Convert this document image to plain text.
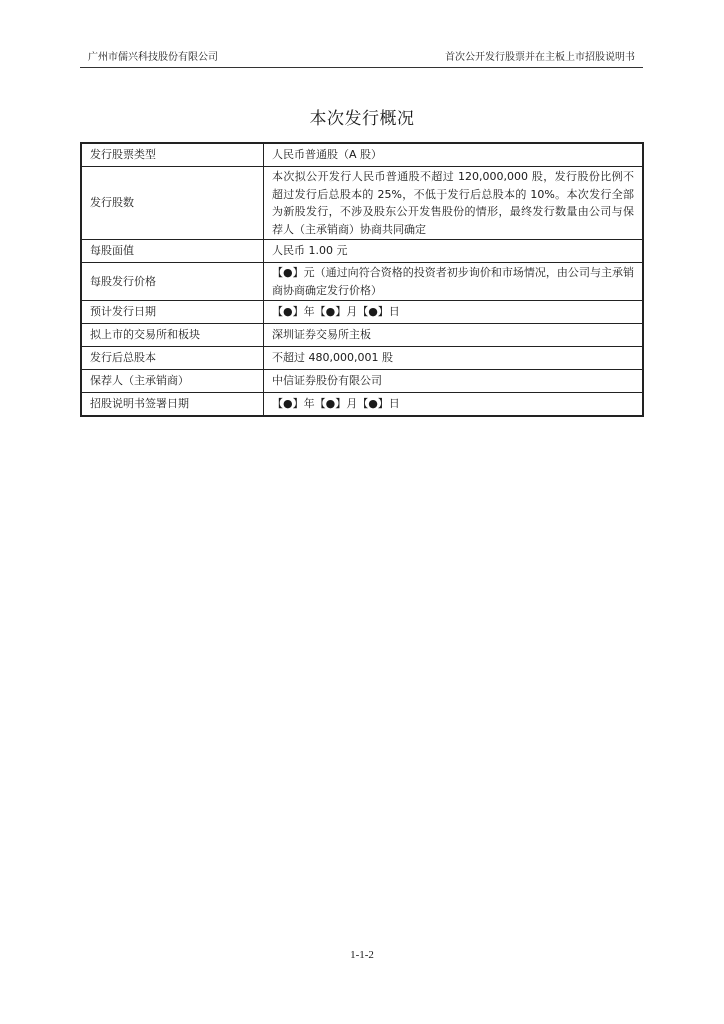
广州市儒兴科技股份有限公司	首次公开发行股票并在主板上市招股说明书
本次发行概况
发行股票类型	人民币普通股（A 股）
发行股数	本次拟公开发行人民币普通股不超过 120,000,000 股，发行股份比例不超过发行后总股本的 25%，不低于发行后总股本的 10%。本次发行全部为新股发行，不涉及股东公开发售股份的情形，最终发行数量由公司与保荐人（主承销商）协商共同确定
每股面值	人民币 1.00 元
每股发行价格	【●】元（通过向符合资格的投资者初步询价和市场情况，由公司与主承销商协商确定发行价格）
预计发行日期	【●】年【●】月【●】日
拟上市的交易所和板块	深圳证券交易所主板
发行后总股本	不超过 480,000,001 股
保荐人（主承销商）	中信证券股份有限公司
招股说明书签署日期	【●】年【●】月【●】日
1-1-2
